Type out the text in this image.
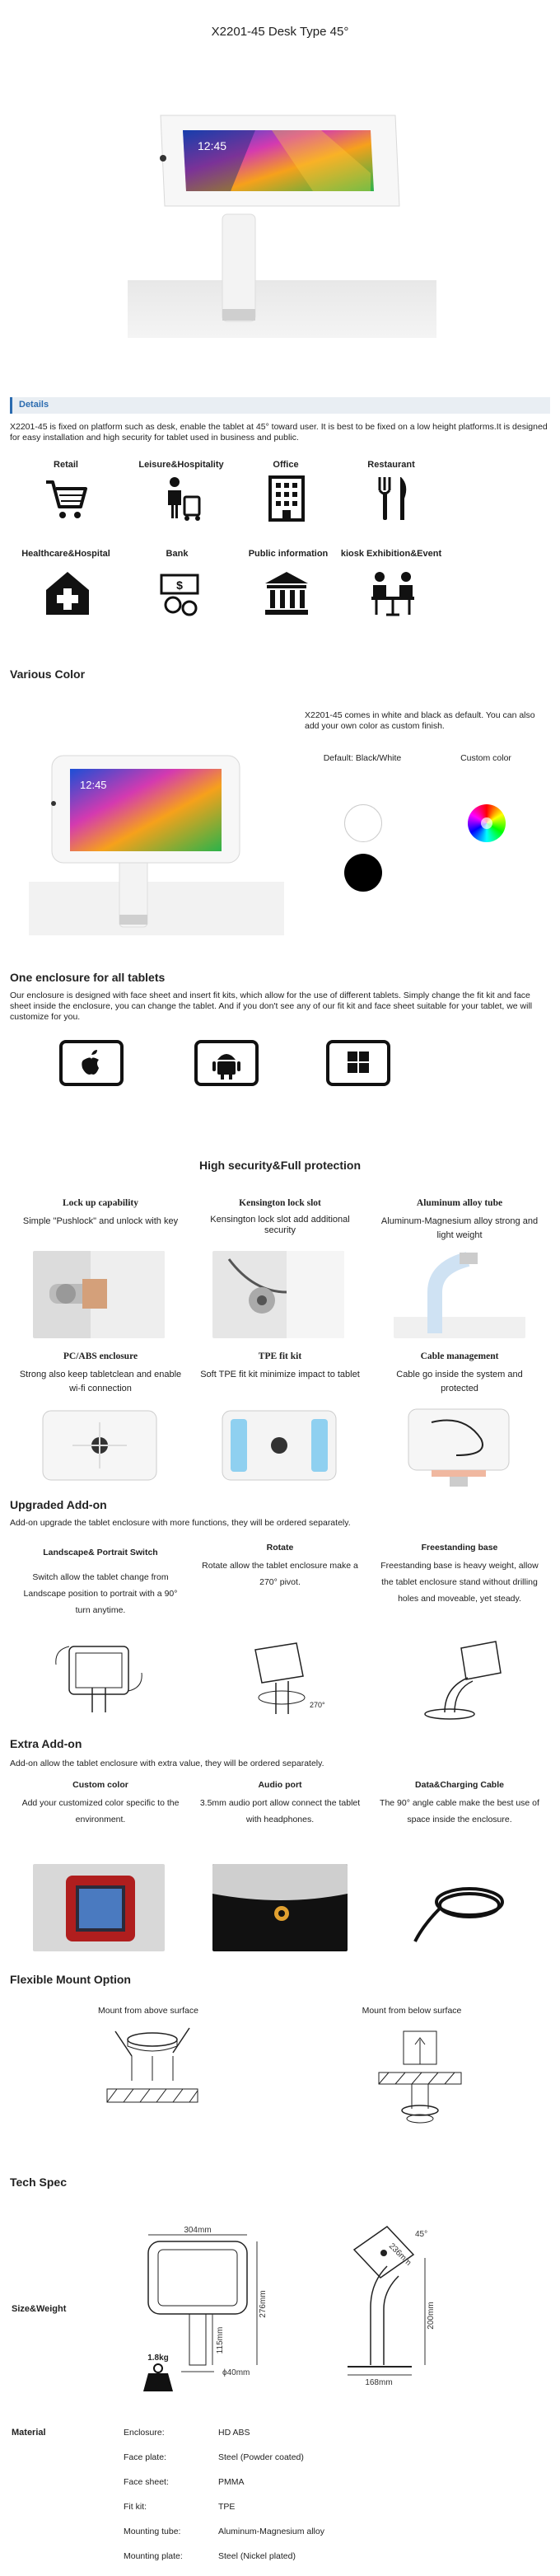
X2201-45 Desk Type 45°
12:45
Details

X2201-45 is fixed on platform such as desk, enable the tablet at 45° toward user. It is best to be fixed on a low height platforms.It is designed for easy installation and high security for tablet used in business and public.

Retail	Leisure&Hospitality	Office	Restaurant
Healthcare&Hospital	Bank	Public information	kiosk Exhibition&Event
$
Various Color

X2201-45 comes in white and black as default. You can also add your own color as custom finish.

Default: Black/White	Custom color
12:45
One enclosure for all tablets

Our enclosure is designed with face sheet and insert fit kits, which allow for the use of different tablets. Simply change the fit kit and face sheet inside the enclosure, you can change the tablet. And if you don't see any of our fit kit and face sheet suitable for your tablet, we will customize for you.

High security&Full protection
Lock up capability	Kensington lock slot	Aluminum alloy tube
Simple "Pushlock" and unlock with key	Kensington lock slot add additional security
Aluminum-Magnesium alloy strong and light weight
PC/ABS enclosure	TPE fit kit	Cable management
Strong also keep tabletclean and enable wi-fi connection
Soft TPE fit kit minimize impact to tablet	Cable go inside the system and protected
Upgraded Add-on

Add-on upgrade the tablet enclosure with more functions, they will be ordered separately.

Landscape& Portrait Switch	Rotate	Freestanding base
Switch allow the tablet change from Landscape position to portrait with a 90° turn anytime.
Rotate allow the tablet enclosure make a 270° pivot.
Freestanding base is heavy weight, allow the tablet enclosure stand without drilling holes and moveable, yet steady.
270°
Extra Add-on

Add-on allow the tablet enclosure with extra value, they will be ordered separately.

Custom color	Audio port	Data&Charging Cable
Add your customized color specific to the environment.
3.5mm audio port allow connect the tablet with headphones.
The 90° angle cable make the best use of space inside the enclosure.
Flexible Mount Option
Mount from above surface	Mount from below surface
Tech Spec
Size&Weight
304mm
276mm
115mm
ϕ40mm
236mm
45°
200mm
168mm
1.8kg
Material	Enclosure:	HD ABS
Face plate:	Steel (Powder coated)
Face sheet:	PMMA
Fit kit:	TPE
Mounting tube:	Aluminum-Magnesium alloy
Mounting plate:	Steel (Nickel plated)
